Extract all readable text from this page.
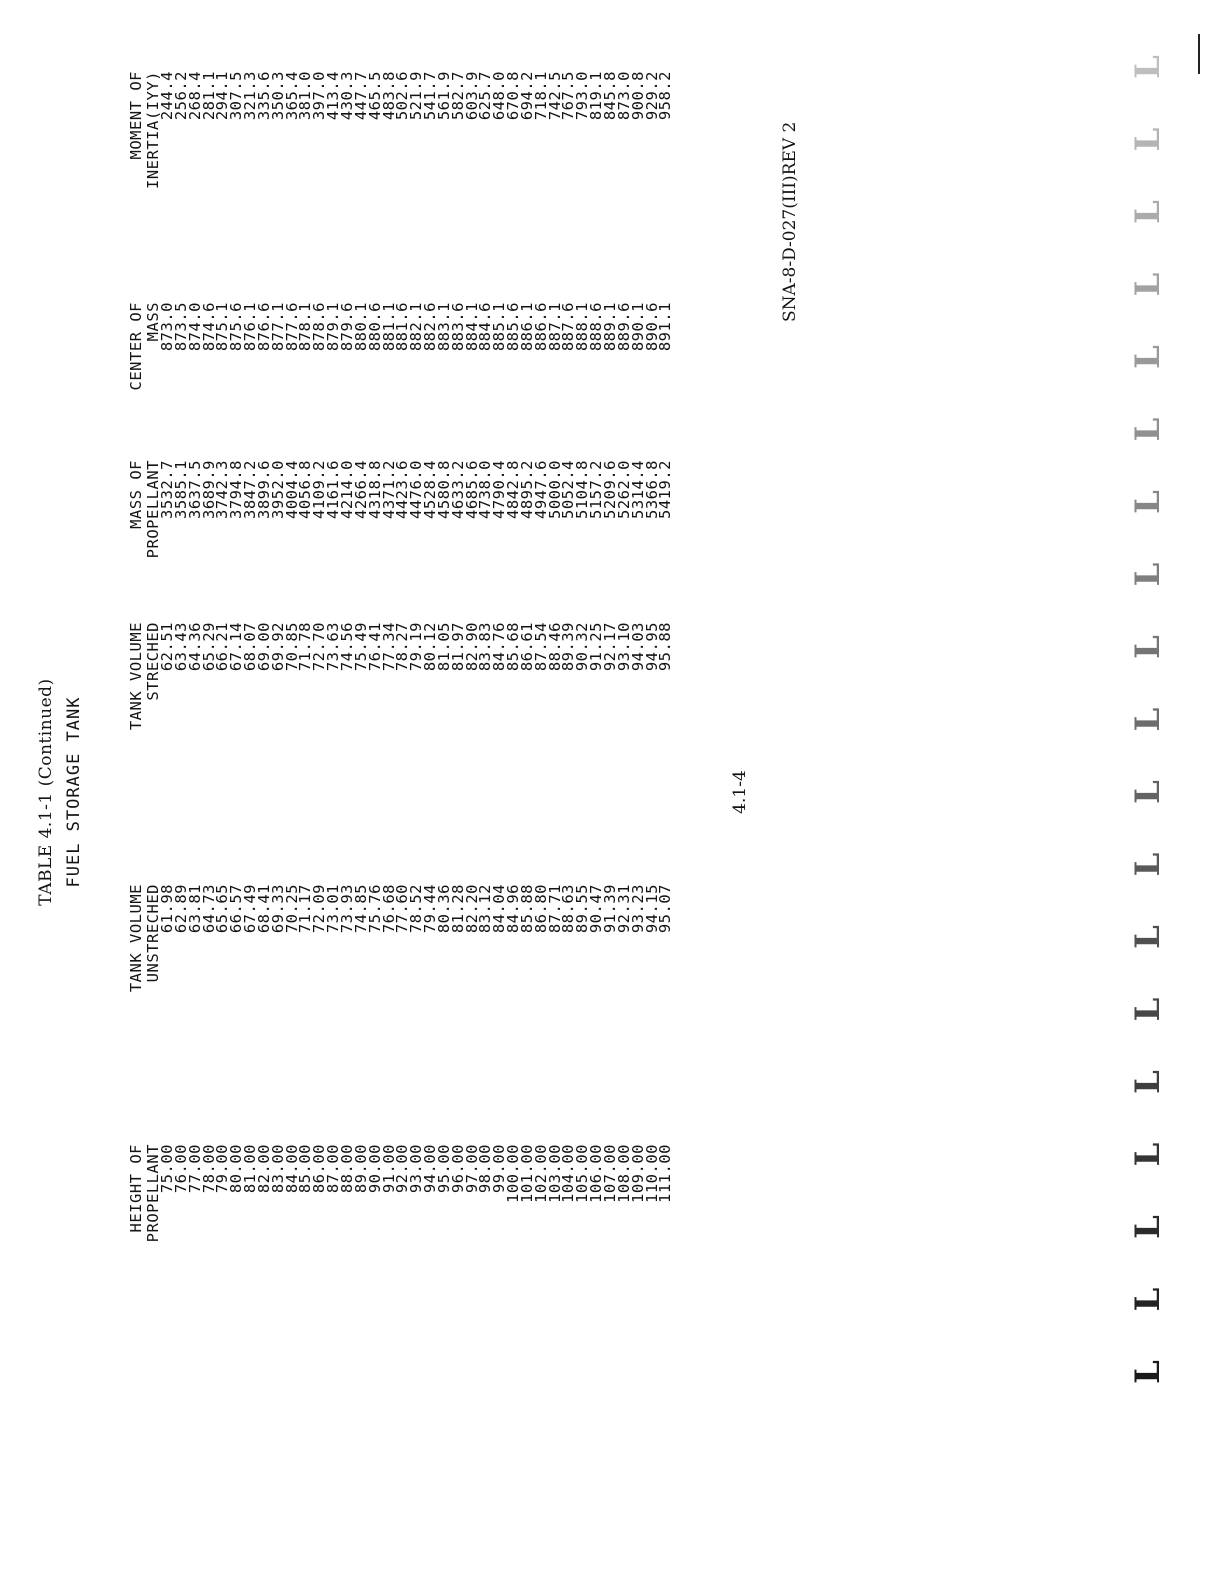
TABLE 4.1-1 (Continued) FUEL STORAGE TANK
HEIGHT OF
PROPELLANT
75.00
76.00
77.00
78.00
79.00
80.00
81.00
82.00
83.00
84.00
85.00
86.00
87.00
88.00
89.00
90.00
91.00
92.00
93.00
94.00
95.00
96.00
97.00
98.00
99.00
100.00
101.00
102.00
103.00
104.00
105.00
106.00
107.00
108.00
109.00
110.00
111.00
TANK VOLUME
UNSTRECHED
61.98
62.89
63.81
64.73
65.65
66.57
67.49
68.41
69.33
70.25
71.17
72.09
73.01
73.93
74.85
75.76
76.68
77.60
78.52
79.44
80.36
81.28
82.20
83.12
84.04
84.96
85.88
86.80
87.71
88.63
89.55
90.47
91.39
92.31
93.23
94.15
95.07
TANK VOLUME
STRECHED
62.51
63.43
64.36
65.29
66.21
67.14
68.07
69.00
69.92
70.85
71.78
72.70
73.63
74.56
75.49
76.41
77.34
78.27
79.19
80.12
81.05
81.97
82.90
83.83
84.76
85.68
86.61
87.54
88.46
89.39
90.32
91.25
92.17
93.10
94.03
94.95
95.88
MASS OF
PROPELLANT
3532.7
3585.1
3637.5
3689.9
3742.3
3794.8
3847.2
3899.6
3952.0
4004.4
4056.8
4109.2
4161.6
4214.0
4266.4
4318.8
4371.2
4423.6
4476.0
4528.4
4580.8
4633.2
4685.6
4738.0
4790.4
4842.8
4895.2
4947.6
5000.0
5052.4
5104.8
5157.2
5209.6
5262.0
5314.4
5366.8
5419.2
CENTER OF
MASS
873.0
873.5
874.0
874.6
875.1
875.6
876.1
876.6
877.1
877.6
878.1
878.6
879.1
879.6
880.1
880.6
881.1
881.6
882.1
882.6
883.1
883.6
884.1
884.6
885.1
885.6
886.1
886.6
887.1
887.6
888.1
888.6
889.1
889.6
890.1
890.6
891.1
MOMENT OF
INERTIA(IYY)
244.4
256.2
268.4
281.1
294.1
307.5
321.3
335.6
350.3
365.4
381.0
397.0
413.4
430.3
447.7
465.5
483.8
502.6
521.9
541.7
561.9
582.7
603.9
625.7
648.0
670.8
694.2
718.1
742.5
767.5
793.0
819.1
845.8
873.0
900.8
929.2
958.2
4.1-4
SNA-8-D-027(III)REV 2
L
L
L
L
L
L
L
L
L
L
L
L
L
L
L
L
L
L
L
